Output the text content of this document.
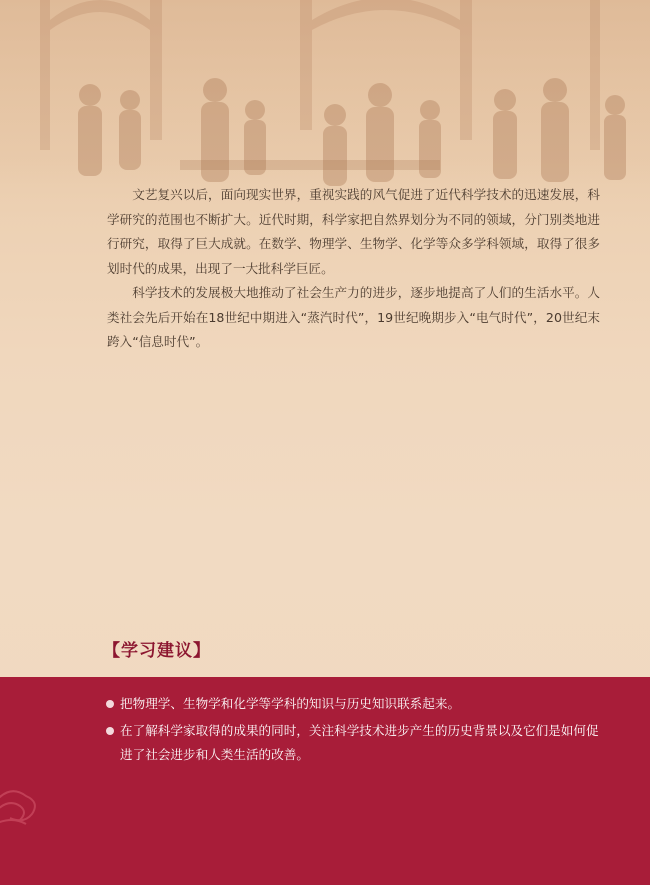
文艺复兴以后，面向现实世界，重视实践的风气促进了近代科学技术的迅速发展，科学研究的范围也不断扩大。近代时期，科学家把自然界划分为不同的领域，分门别类地进行研究，取得了巨大成就。在数学、物理学、生物学、化学等众多学科领域，取得了很多划时代的成果，出现了一大批科学巨匠。

科学技术的发展极大地推动了社会生产力的进步，逐步地提高了人们的生活水平。人类社会先后开始在18世纪中期进入“蒸汽时代”，19世纪晚期步入“电气时代”，20世纪末跨入“信息时代”。

【学习建议】
把物理学、生物学和化学等学科的知识与历史知识联系起来。
在了解科学家取得的成果的同时，关注科学技术进步产生的历史背景以及它们是如何促进了社会进步和人类生活的改善。
